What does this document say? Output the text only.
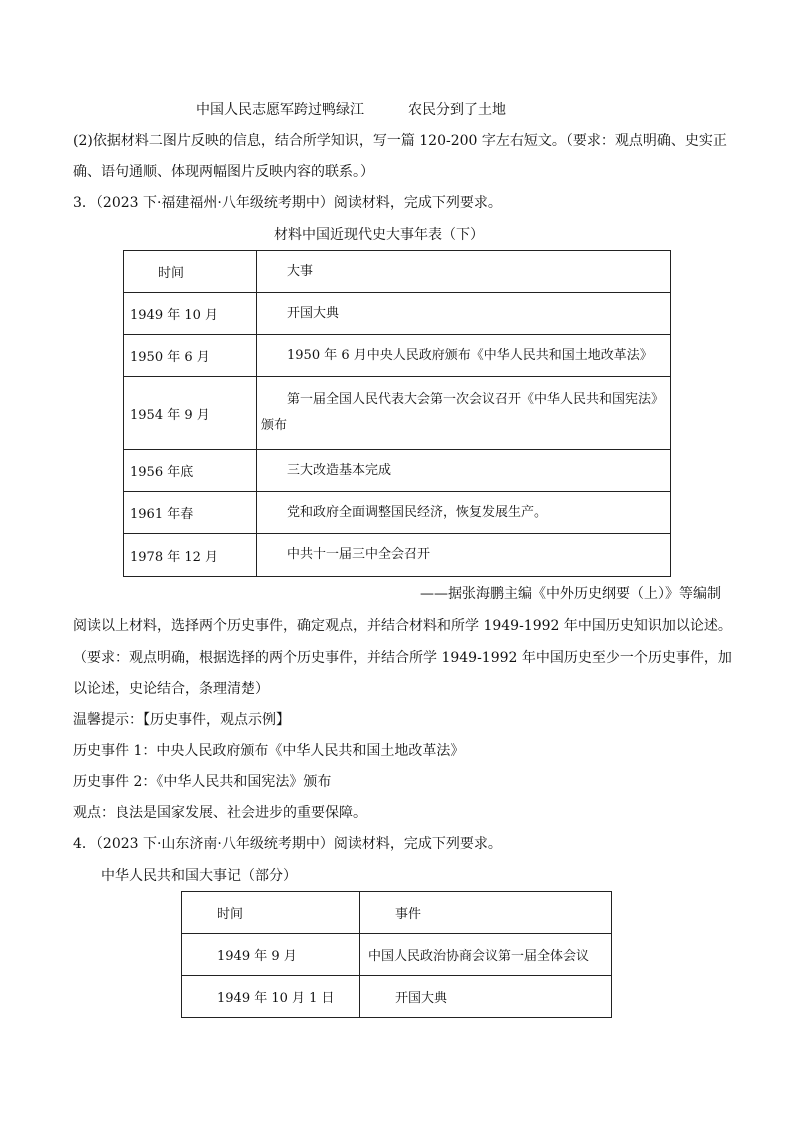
中国人民志愿军跨过鸭绿江	农民分到了土地
(2)依据材料二图片反映的信息，结合所学知识，写一篇 120-200 字左右短文。（要求：观点明确、史实正
确、语句通顺、体现两幅图片反映内容的联系。）
3．（2023 下·福建福州·八年级统考期中）阅读材料，完成下列要求。
材料中国近现代史大事年表（下）
时间	大事
1949 年 10 月	开国大典
1950 年 6 月	1950 年 6 月中央人民政府颁布《中华人民共和国土地改革法》
1954 年 9 月	第一届全国人民代表大会第一次会议召开《中华人民共和国宪法》颁布
1956 年底	三大改造基本完成
1961 年春	党和政府全面调整国民经济，恢复发展生产。
1978 年 12 月	中共十一届三中全会召开
——据张海鹏主编《中外历史纲要（上）》等编制
阅读以上材料，选择两个历史事件，确定观点，并结合材料和所学 1949-1992 年中国历史知识加以论述。
（要求：观点明确，根据选择的两个历史事件，并结合所学 1949-1992 年中国历史至少一个历史事件，加
以论述，史论结合，条理清楚）
温馨提示：【历史事件，观点示例】
历史事件 1：中央人民政府颁布《中华人民共和国土地改革法》
历史事件 2：《中华人民共和国宪法》颁布
观点：良法是国家发展、社会进步的重要保障。
4．（2023 下·山东济南·八年级统考期中）阅读材料，完成下列要求。
中华人民共和国大事记（部分）
时间	事件
1949 年 9 月	中国人民政治协商会议第一届全体会议
1949 年 10 月 1 日	开国大典
